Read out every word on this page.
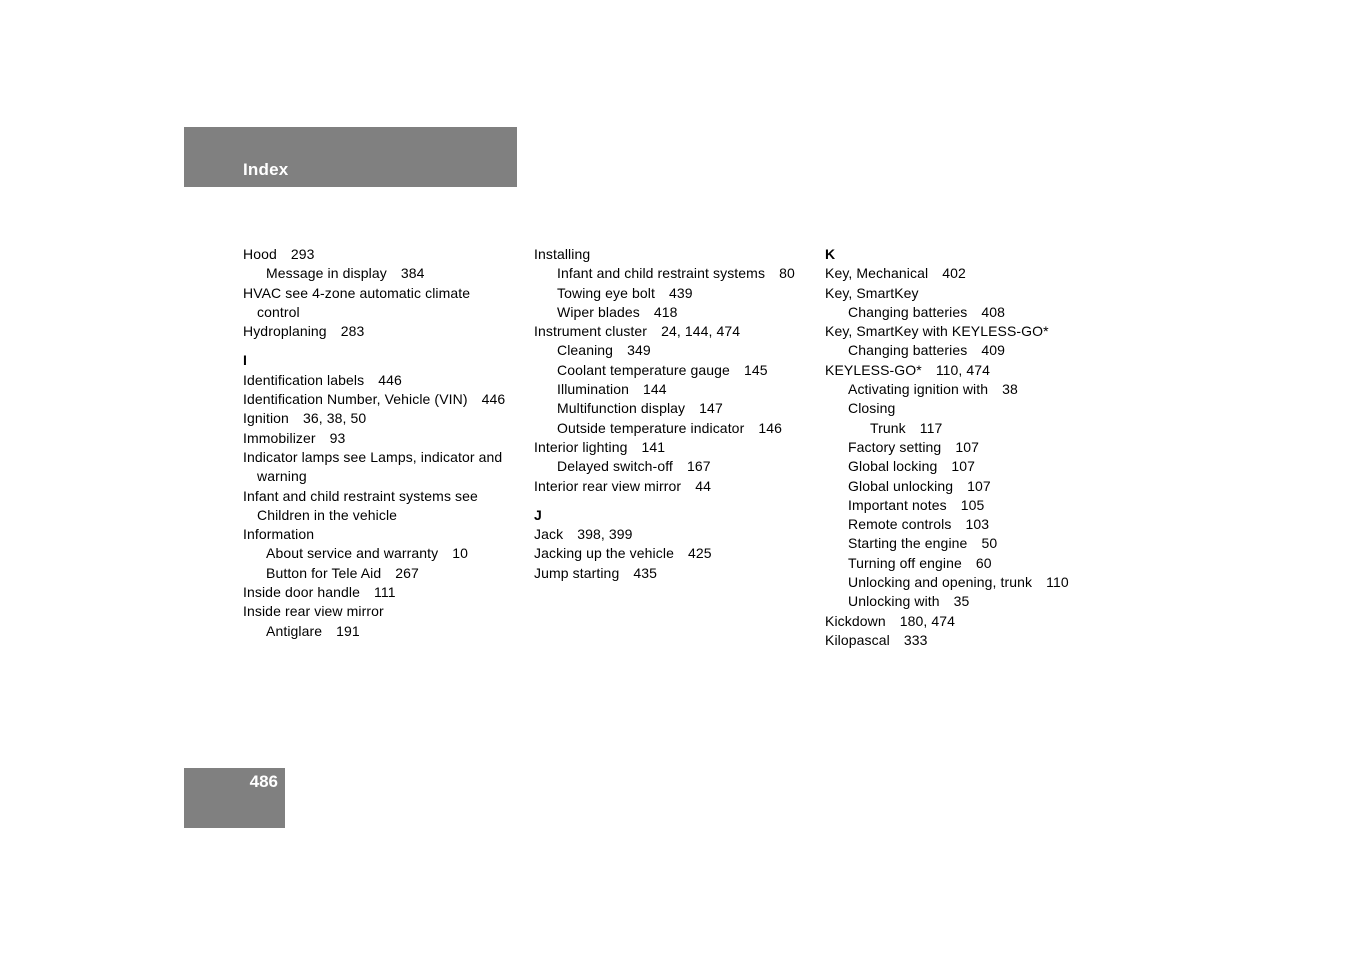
Index
Hood 293
Message in display 384
HVAC see 4-zone automatic climate
control
Hydroplaning 283
I
Identification labels 446
Identification Number, Vehicle (VIN) 446
Ignition 36, 38, 50
Immobilizer 93
Indicator lamps see Lamps, indicator and
warning
Infant and child restraint systems see
Children in the vehicle
Information
About service and warranty 10
Button for Tele Aid 267
Inside door handle 111
Inside rear view mirror
Antiglare 191
Installing
Infant and child restraint systems 80
Towing eye bolt 439
Wiper blades 418
Instrument cluster 24, 144, 474
Cleaning 349
Coolant temperature gauge 145
Illumination 144
Multifunction display 147
Outside temperature indicator 146
Interior lighting 141
Delayed switch-off 167
Interior rear view mirror 44
J
Jack 398, 399
Jacking up the vehicle 425
Jump starting 435
K
Key, Mechanical 402
Key, SmartKey
Changing batteries 408
Key, SmartKey with KEYLESS-GO*
Changing batteries 409
KEYLESS-GO* 110, 474
Activating ignition with 38
Closing
Trunk 117
Factory setting 107
Global locking 107
Global unlocking 107
Important notes 105
Remote controls 103
Starting the engine 50
Turning off engine 60
Unlocking and opening, trunk 110
Unlocking with 35
Kickdown 180, 474
Kilopascal 333
486
